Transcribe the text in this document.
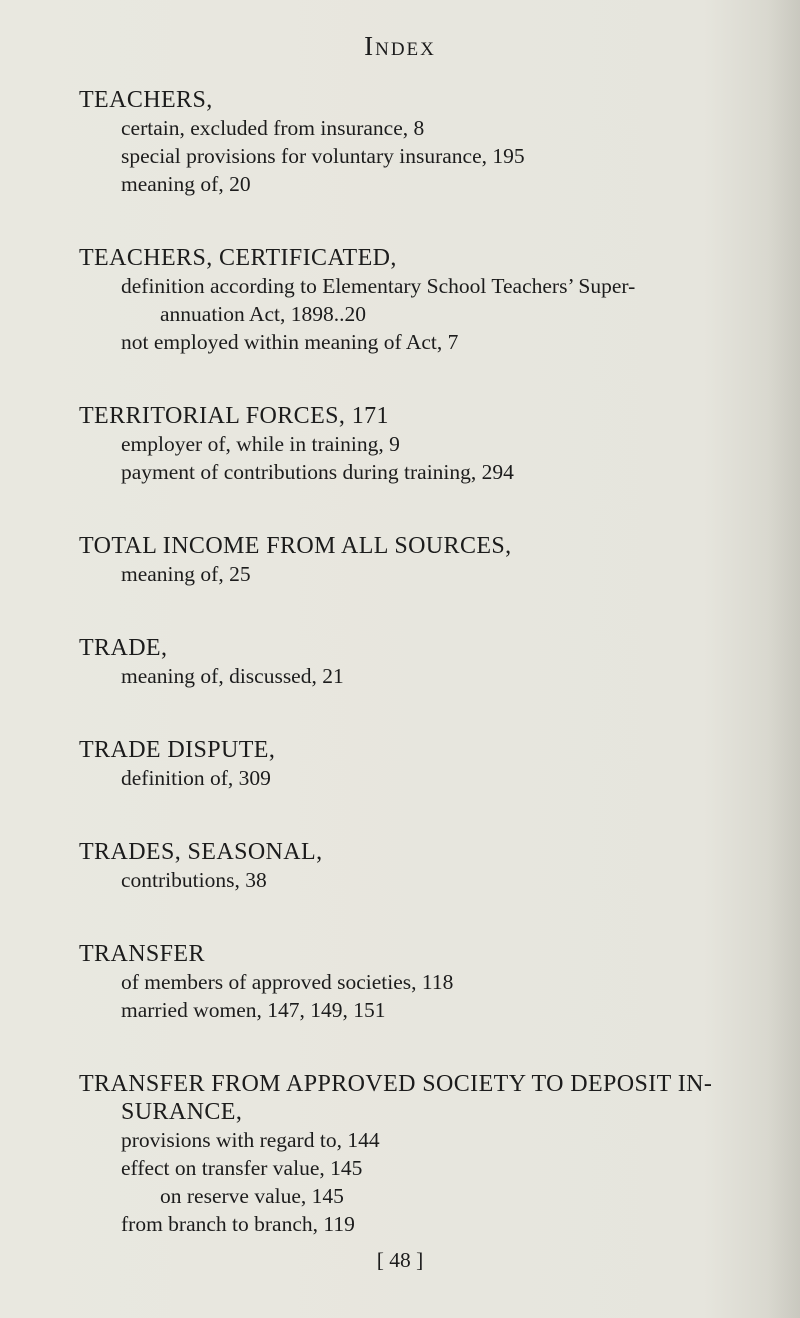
Index
TEACHERS,
certain, excluded from insurance, 8
special provisions for voluntary insurance, 195
meaning of, 20
TEACHERS, CERTIFICATED,
definition according to Elementary School Teachers’ Super-
annuation Act, 1898..20
not employed within meaning of Act, 7
TERRITORIAL FORCES, 171
employer of, while in training, 9
payment of contributions during training, 294
TOTAL INCOME FROM ALL SOURCES,
meaning of, 25
TRADE,
meaning of, discussed, 21
TRADE DISPUTE,
definition of, 309
TRADES, SEASONAL,
contributions, 38
TRANSFER
of members of approved societies, 118
married women, 147, 149, 151
TRANSFER FROM APPROVED SOCIETY TO DEPOSIT IN-
SURANCE,
provisions with regard to, 144
effect on transfer value, 145
on reserve value, 145
from branch to branch, 119
[ 48 ]
